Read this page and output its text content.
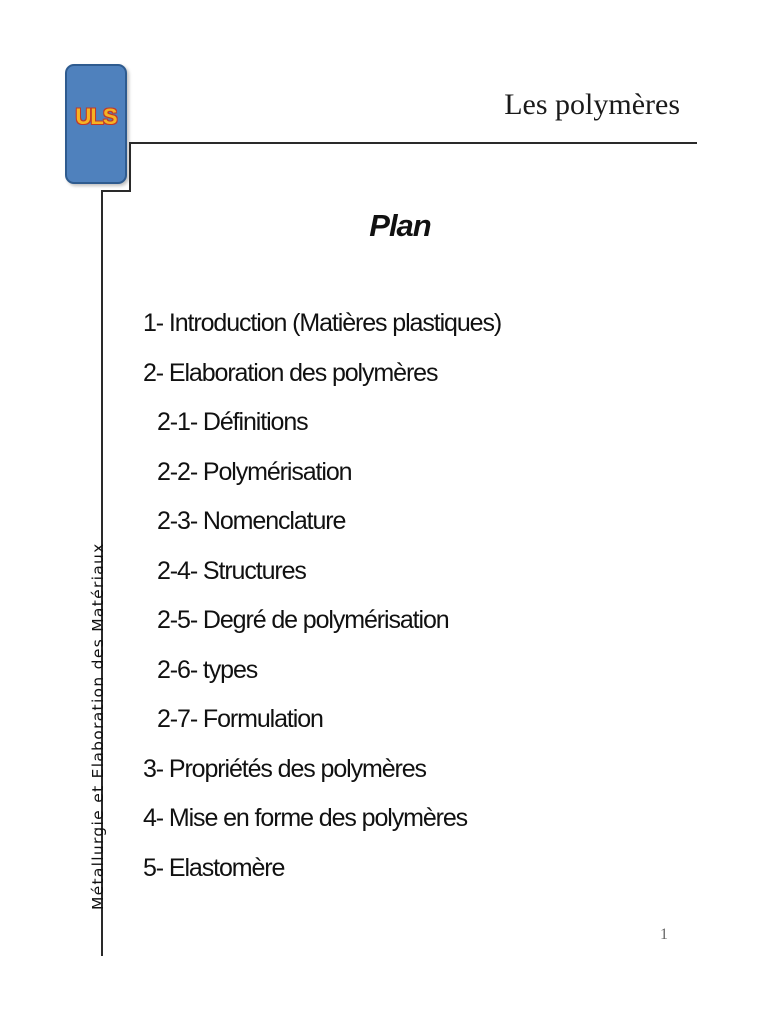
ULS	Les polymères
Métallurgie et Elaboration des Matériaux
Plan
1- Introduction (Matières plastiques)
2- Elaboration des polymères
2-1- Définitions
2-2- Polymérisation
2-3- Nomenclature
2-4- Structures
2-5- Degré de polymérisation
2-6- types
2-7- Formulation
3- Propriétés des polymères
4- Mise en forme des polymères
5- Elastomère
1
